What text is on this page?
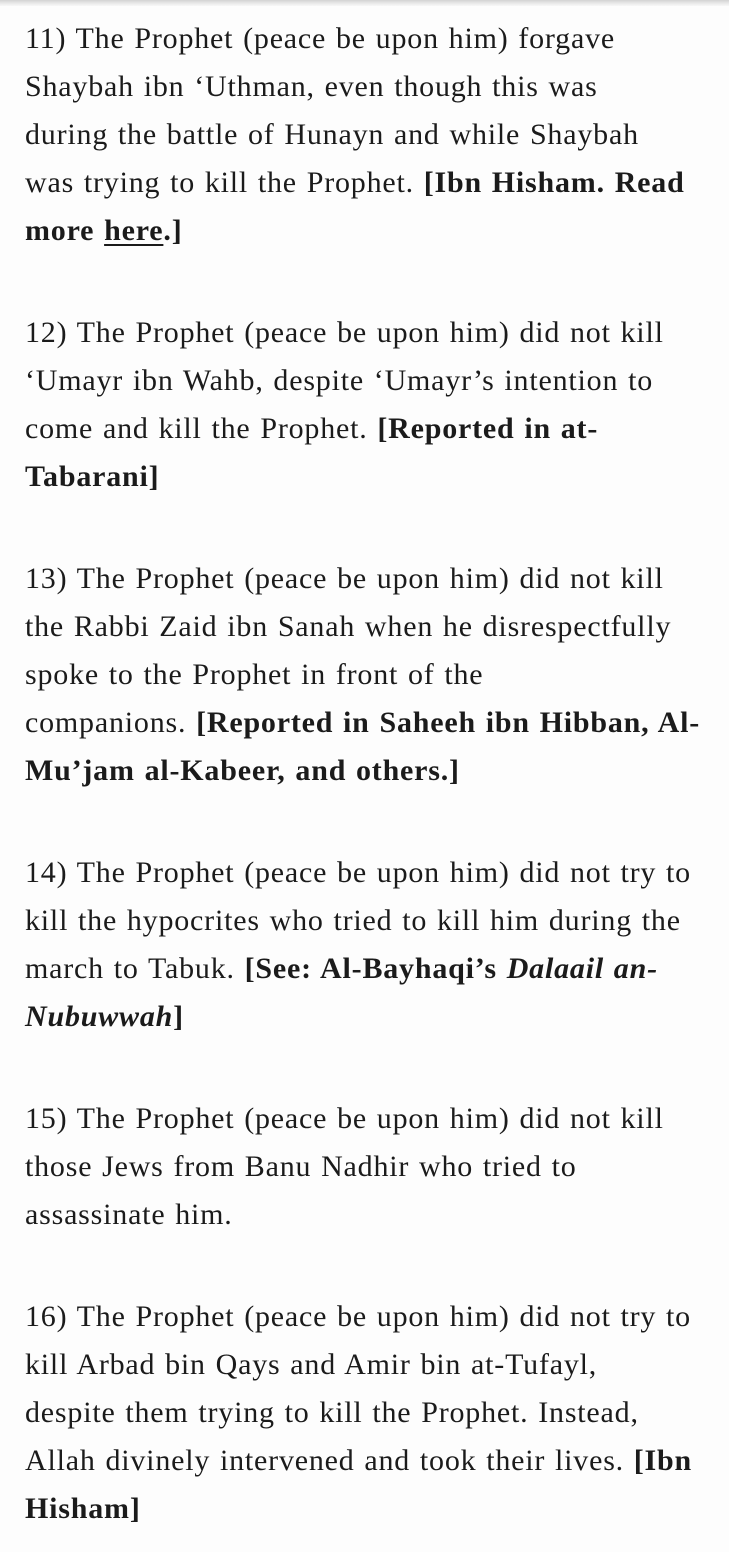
11) The Prophet (peace be upon him) forgave
Shaybah ibn ‘Uthman, even though this was
during the battle of Hunayn and while Shaybah
was trying to kill the Prophet. [Ibn Hisham. Read
more here.]
12) The Prophet (peace be upon him) did not kill
‘Umayr ibn Wahb, despite ‘Umayr’s intention to
come and kill the Prophet. [Reported in at-
Tabarani]
13) The Prophet (peace be upon him) did not kill
the Rabbi Zaid ibn Sanah when he disrespectfully
spoke to the Prophet in front of the
companions. [Reported in Saheeh ibn Hibban, Al-
Mu’jam al-Kabeer, and others.]
14) The Prophet (peace be upon him) did not try to
kill the hypocrites who tried to kill him during the
march to Tabuk. [See: Al-Bayhaqi’s Dalaail an-
Nubuwwah]
15) The Prophet (peace be upon him) did not kill
those Jews from Banu Nadhir who tried to
assassinate him.
16) The Prophet (peace be upon him) did not try to
kill Arbad bin Qays and Amir bin at-Tufayl,
despite them trying to kill the Prophet. Instead,
Allah divinely intervened and took their lives. [Ibn
Hisham]
